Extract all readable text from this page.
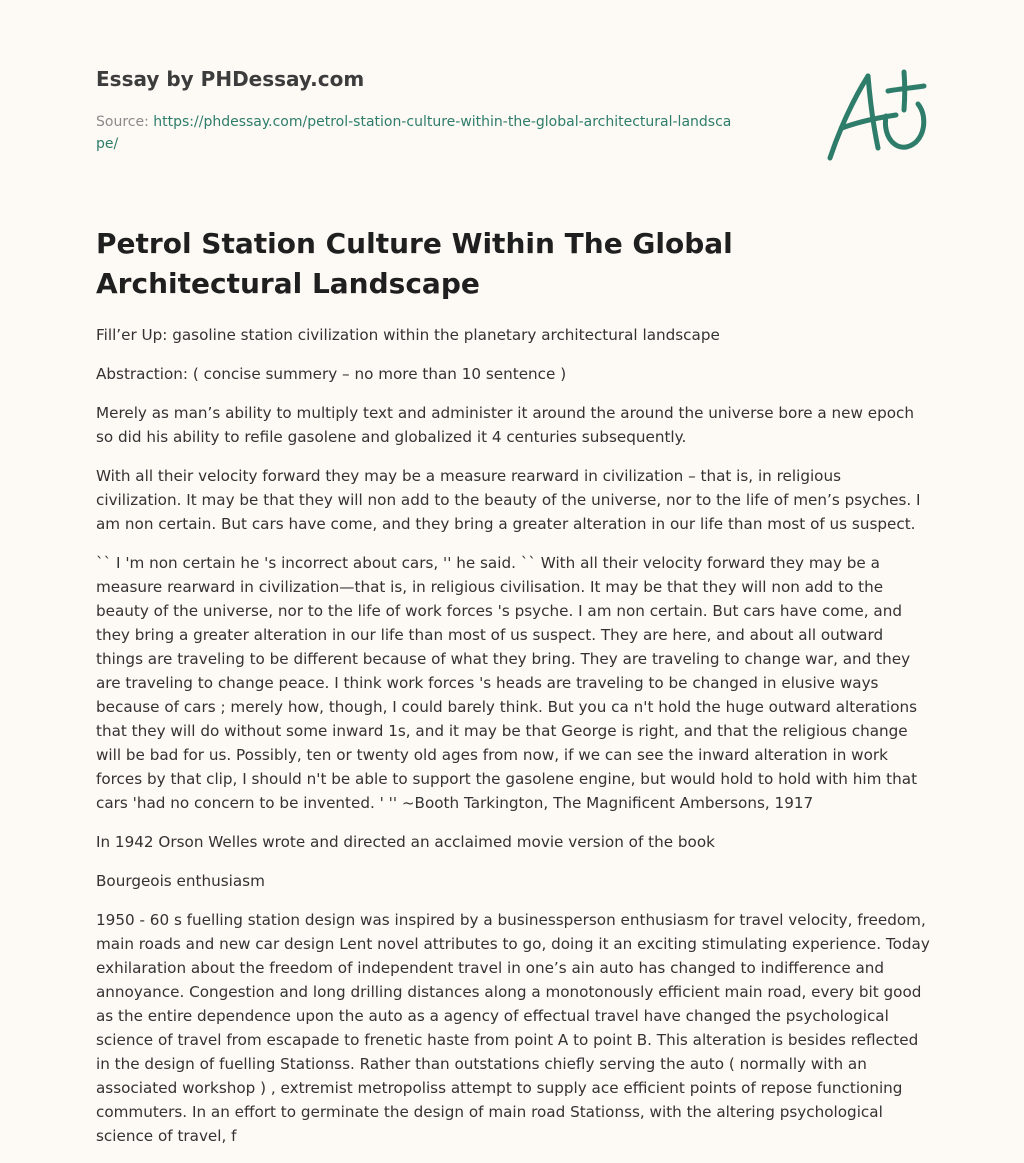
Essay by PHDessay.com
Source: https://phdessay.com/petrol-station-culture-within-the-global-architectural-landscape/
Petrol Station Culture Within The Global Architectural Landscape

Fill’er Up: gasoline station civilization within the planetary architectural landscape

Abstraction: ( concise summery – no more than 10 sentence )

Merely as man’s ability to multiply text and administer it around the around the universe bore a new epoch so did his ability to refile gasolene and globalized it 4 centuries subsequently.

With all their velocity forward they may be a measure rearward in civilization – that is, in religious civilization. It may be that they will non add to the beauty of the universe, nor to the life of men’s psyches. I am non certain. But cars have come, and they bring a greater alteration in our life than most of us suspect.

`` I 'm non certain he 's incorrect about cars, '' he said. `` With all their velocity forward they may be a measure rearward in civilization—that is, in religious civilisation. It may be that they will non add to the beauty of the universe, nor to the life of work forces 's psyche. I am non certain. But cars have come, and they bring a greater alteration in our life than most of us suspect. They are here, and about all outward things are traveling to be different because of what they bring. They are traveling to change war, and they are traveling to change peace. I think work forces 's heads are traveling to be changed in elusive ways because of cars ; merely how, though, I could barely think. But you ca n't hold the huge outward alterations that they will do without some inward 1s, and it may be that George is right, and that the religious change will be bad for us. Possibly, ten or twenty old ages from now, if we can see the inward alteration in work forces by that clip, I should n't be able to support the gasolene engine, but would hold to hold with him that cars 'had no concern to be invented. ' '' ~Booth Tarkington, The Magnificent Ambersons, 1917

In 1942 Orson Welles wrote and directed an acclaimed movie version of the book

Bourgeois enthusiasm

1950 - 60 s fuelling station design was inspired by a businessperson enthusiasm for travel velocity, freedom, main roads and new car design Lent novel attributes to go, doing it an exciting stimulating experience. Today exhilaration about the freedom of independent travel in one’s ain auto has changed to indifference and annoyance. Congestion and long drilling distances along a monotonously efficient main road, every bit good as the entire dependence upon the auto as a agency of effectual travel have changed the psychological science of travel from escapade to frenetic haste from point A to point B. This alteration is besides reflected in the design of fuelling Stationss. Rather than outstations chiefly serving the auto ( normally with an associated workshop ) , extremist metropoliss attempt to supply ace efficient points of repose functioning commuters. In an effort to germinate the design of main road Stationss, with the altering psychological science of travel, f
